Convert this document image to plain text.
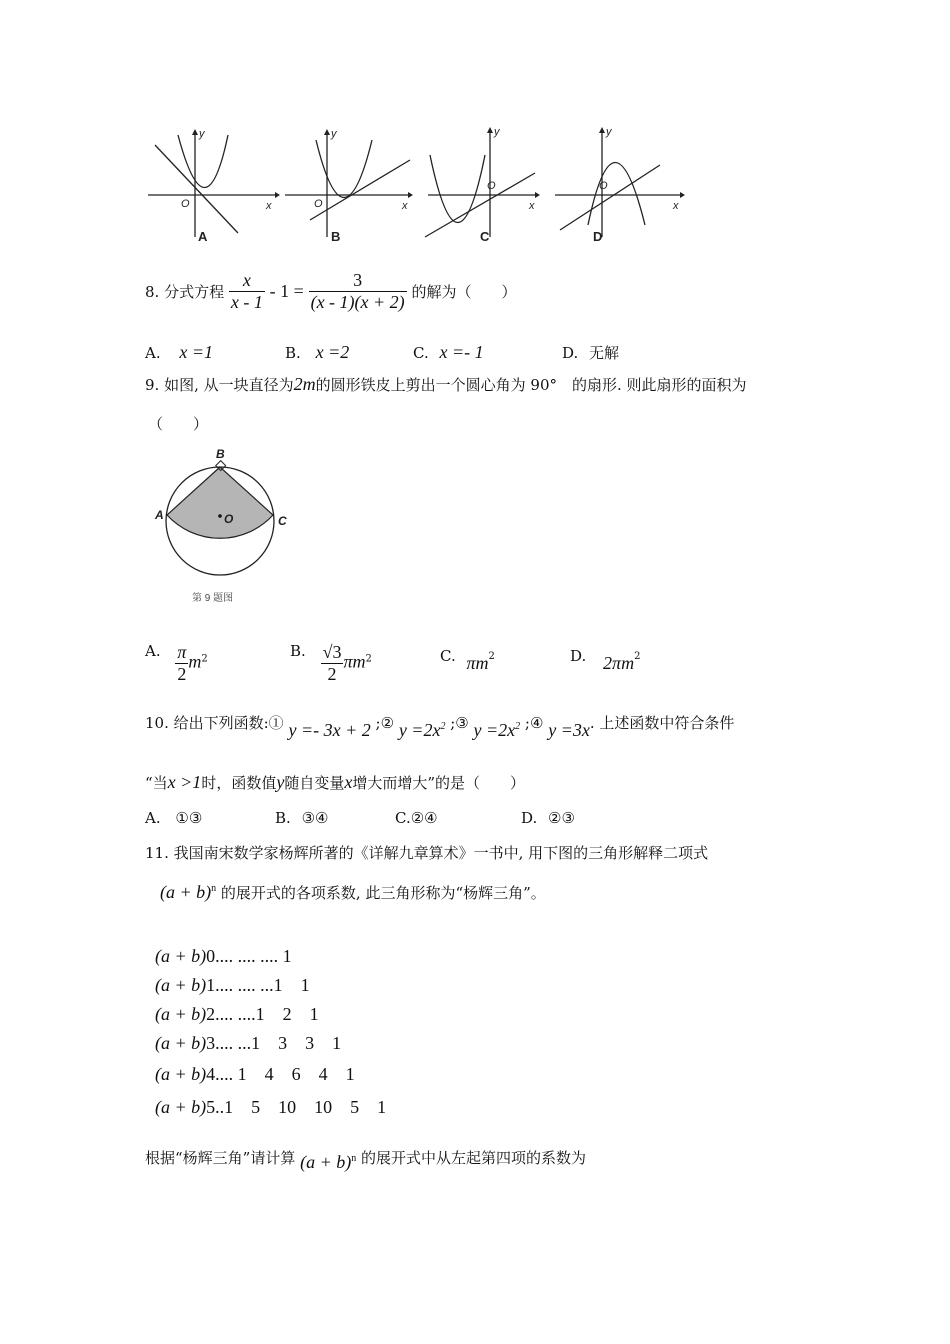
y
x
O
y
x
O
y
x
O
y
x
O
A	B	C	D
8. 分式方程 $\frac{x}{x - 1} - 1 = \frac{3}{(x - 1)(x + 2)}$ 的解为（　　）
A. x =1	B. x =2	C. x =- 1	D. 无解
9. 如图, 从一块直径为2m的圆形铁皮上剪出一个圆心角为 90°　的扇形. 则此扇形的面积为
（　　）
B
A	C
O
第 9 题图
A. $\frac{\pi}{2} m^2$	B. $\frac{√3}{2} \pi m^2$	C. $\pi m^2$	D. $2\pi m^2$
10. 给出下列函数:① y =- 3x + 2 ;② $y =2x^2$ ;③ $y =2x^2$ ;④ y =3x. 上述函数中符合条件
“当x >1时，函数值y随自变量x增大而增大”的是（　　）
A. ①③	B. ③④	C.②④	D. ②③
11. 我国南宋数学家杨辉所著的《详解九章算术》一书中, 用下图的三角形解释二项式
$(a + b)^n$ 的展开式的各项系数, 此三角形称为“杨辉三角”。
(a + b)0.... .... .... 1
(a + b)1.... .... ...1　1
(a + b)2.... ....1　2　1
(a + b)3.... ...1　3　3　1
(a + b)4.... 1　4　6　4　1
(a + b)5..1　5　10　10　5　1
根据“杨辉三角”请计算 $(a + b)^n$ 的展开式中从左起第四项的系数为
